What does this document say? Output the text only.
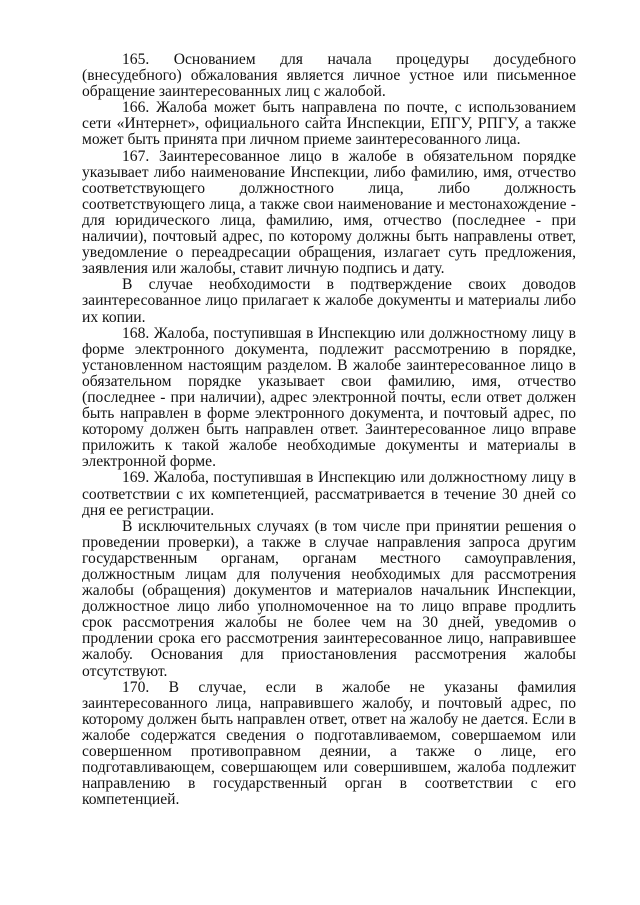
165. Основанием для начала процедуры досудебного (внесудебного) обжалования является личное устное или письменное обращение заинтересованных лиц с жалобой.

166. Жалоба может быть направлена по почте, с использованием сети «Интернет», официального сайта Инспекции, ЕПГУ, РПГУ, а также может быть принята при личном приеме заинтересованного лица.

167. Заинтересованное лицо в жалобе в обязательном порядке указывает либо наименование Инспекции, либо фамилию, имя, отчество соответствующего должностного лица, либо должность соответствующего лица, а также свои наименование и местонахождение - для юридического лица, фамилию, имя, отчество (последнее - при наличии), почтовый адрес, по которому должны быть направлены ответ, уведомление о переадресации обращения, излагает суть предложения, заявления или жалобы, ставит личную подпись и дату.

В случае необходимости в подтверждение своих доводов заинтересованное лицо прилагает к жалобе документы и материалы либо их копии.

168. Жалоба, поступившая в Инспекцию или должностному лицу в форме электронного документа, подлежит рассмотрению в порядке, установленном настоящим разделом. В жалобе заинтересованное лицо в обязательном порядке указывает свои фамилию, имя, отчество (последнее - при наличии), адрес электронной почты, если ответ должен быть направлен в форме электронного документа, и почтовый адрес, по которому должен быть направлен ответ. Заинтересованное лицо вправе приложить к такой жалобе необходимые документы и материалы в электронной форме.

169. Жалоба, поступившая в Инспекцию или должностному лицу в соответствии с их компетенцией, рассматривается в течение 30 дней со дня ее регистрации.

В исключительных случаях (в том числе при принятии решения о проведении проверки), а также в случае направления запроса другим государственным органам, органам местного самоуправления, должностным лицам для получения необходимых для рассмотрения жалобы (обращения) документов и материалов начальник Инспекции, должностное лицо либо уполномоченное на то лицо вправе продлить срок рассмотрения жалобы не более чем на 30 дней, уведомив о продлении срока его рассмотрения заинтересованное лицо, направившее жалобу. Основания для приостановления рассмотрения жалобы отсутствуют.

170. В случае, если в жалобе не указаны фамилия заинтересованного лица, направившего жалобу, и почтовый адрес, по которому должен быть направлен ответ, ответ на жалобу не дается. Если в жалобе содержатся сведения о подготавливаемом, совершаемом или совершенном противоправном деянии, а также о лице, его подготавливающем, совершающем или совершившем, жалоба подлежит направлению в государственный орган в соответствии с его компетенцией.
